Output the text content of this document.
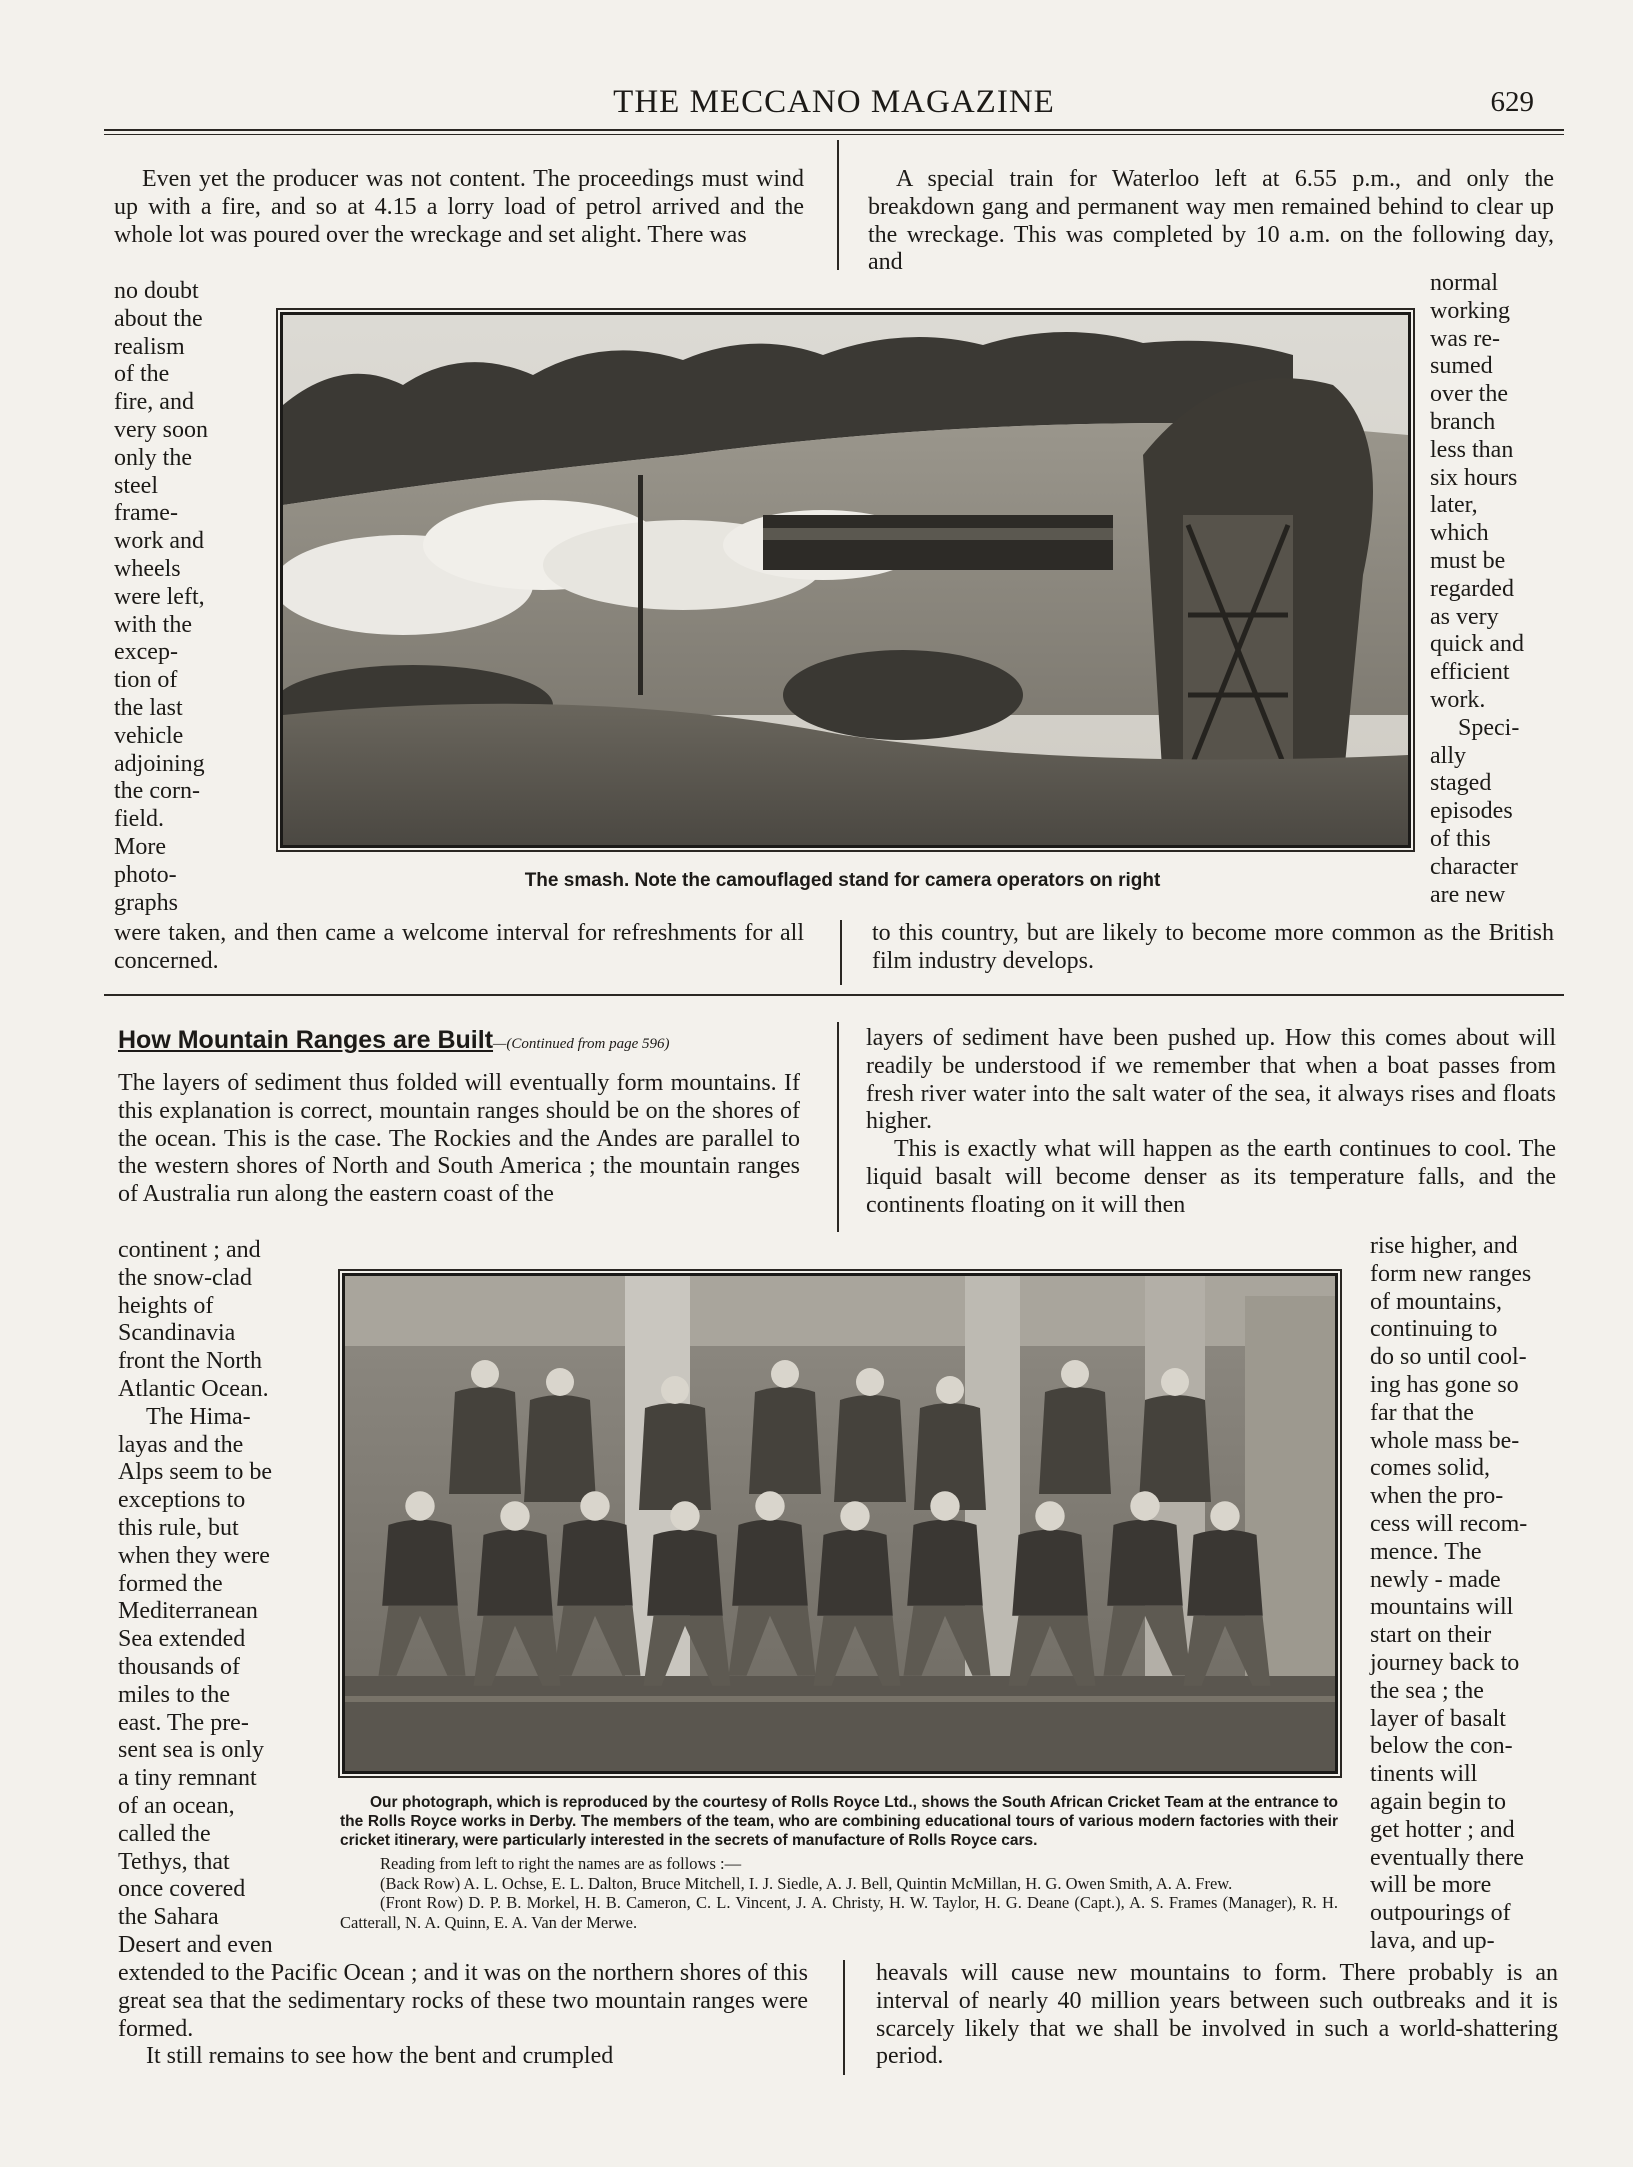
THE MECCANO MAGAZINE	629
Even yet the producer was not content. The proceedings must wind up with a fire, and so at 4.15 a lorry load of petrol arrived and the whole lot was poured over the wreckage and set alight. There was
A special train for Waterloo left at 6.55 p.m., and only the breakdown gang and permanent way men remained behind to clear up the wreckage. This was completed by 10 a.m. on the following day, and

no doubt

about the

realism

of the

fire, and

very soon

only the

steel

frame-

work and

wheels

were left,

with the

excep-

tion of

the last

vehicle

adjoining

the corn-

field.

More

photo-

graphs

The smash. Note the camouflaged stand for camera operators on right

normal

working

was re-

sumed

over the

branch

less than

six hours

later,

which

must be

regarded

as very

quick and

efficient

work.

Speci-

ally

staged

episodes

of this

character

are new

were taken, and then came a welcome interval for refreshments for all concerned.
to this country, but are likely to become more common as the British film industry develops.
How Mountain Ranges are Built—(Continued from page 596)
The layers of sediment thus folded will eventually form mountains. If this explanation is correct, mountain ranges should be on the shores of the ocean. This is the case. The Rockies and the Andes are parallel to the western shores of North and South America ; the mountain ranges of Australia run along the eastern coast of the

layers of sediment have been pushed up. How this comes about will readily be understood if we remember that when a boat passes from fresh river water into the salt water of the sea, it always rises and floats higher.

This is exactly what will happen as the earth continues to cool. The liquid basalt will become denser as its temperature falls, and the continents floating on it will then

continent ; and

the snow-clad

heights of

Scandinavia

front the North

Atlantic Ocean.

The Hima-

layas and the

Alps seem to be

exceptions to

this rule, but

when they were

formed the

Mediterranean

Sea extended

thousands of

miles to the

east. The pre-

sent sea is only

a tiny remnant

of an ocean,

called the

Tethys, that

once covered

the Sahara

Desert and even

Our photograph, which is reproduced by the courtesy of Rolls Royce Ltd., shows the South African Cricket Team at the entrance to the Rolls Royce works in Derby. The members of the team, who are combining educational tours of various modern factories with their cricket itinerary, were particularly interested in the secrets of manufacture of Rolls Royce cars.
Reading from left to right the names are as follows :—
(Back Row) A. L. Ochse, E. L. Dalton, Bruce Mitchell, I. J. Siedle, A. J. Bell, Quintin McMillan, H. G. Owen Smith, A. A. Frew.
(Front Row) D. P. B. Morkel, H. B. Cameron, C. L. Vincent, J. A. Christy, H. W. Taylor, H. G. Deane (Capt.), A. S. Frames (Manager), R. H. Catterall, N. A. Quinn, E. A. Van der Merwe.

rise higher, and

form new ranges

of mountains,

continuing to

do so until cool-

ing has gone so

far that the

whole mass be-

comes solid,

when the pro-

cess will recom-

mence. The

newly - made

mountains will

start on their

journey back to

the sea ; the

layer of basalt

below the con-

tinents will

again begin to

get hotter ; and

eventually there

will be more

outpourings of

lava, and up-

extended to the Pacific Ocean ; and it was on the northern shores of this great sea that the sedimentary rocks of these two mountain ranges were formed.

It still remains to see how the bent and crumpled

heavals will cause new mountains to form. There probably is an interval of nearly 40 million years between such outbreaks and it is scarcely likely that we shall be involved in such a world-shattering period.
